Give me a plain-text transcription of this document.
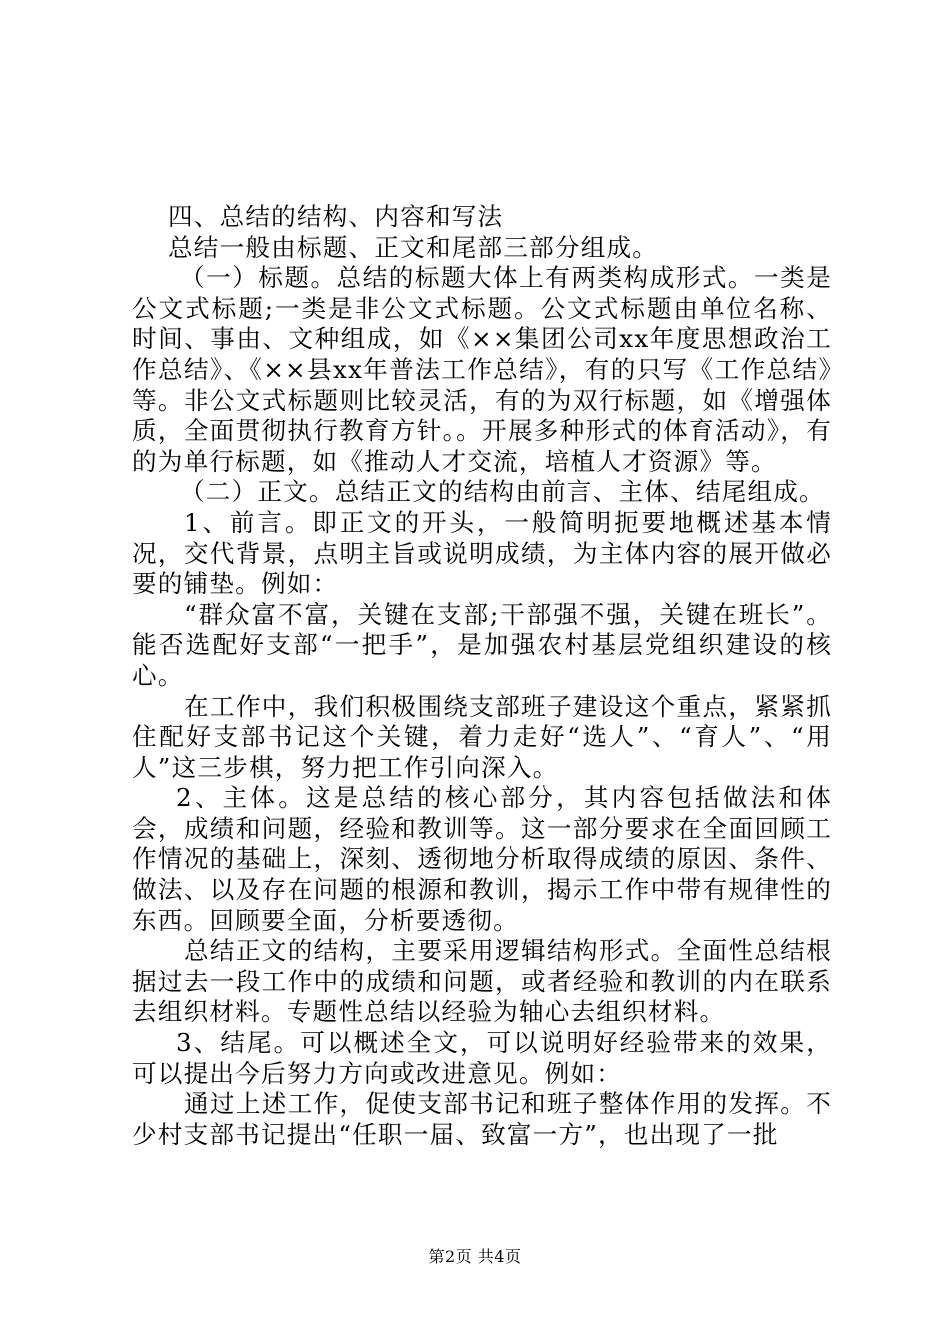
四、总结的结构、内容和写法

总结一般由标题、正文和尾部三部分组成。

（一）标题。总结的标题大体上有两类构成形式。一类是公文式标题;一类是非公文式标题。公文式标题由单位名称、时间、事由、文种组成，如《××集团公司xx年度思想政治工作总结》、《××县xx年普法工作总结》，有的只写《工作总结》等。非公文式标题则比较灵活，有的为双行标题，如《增强体质，全面贯彻执行教育方针。。开展多种形式的体育活动》，有的为单行标题，如《推动人才交流，培植人才资源》等。

（二）正文。总结正文的结构由前言、主体、结尾组成。

1、前言。即正文的开头，一般简明扼要地概述基本情况，交代背景，点明主旨或说明成绩，为主体内容的展开做必要的铺垫。例如：

“群众富不富，关键在支部;干部强不强，关键在班长”。能否选配好支部“一把手”，是加强农村基层党组织建设的核心。

在工作中，我们积极围绕支部班子建设这个重点，紧紧抓住配好支部书记这个关键，着力走好“选人”、“育人”、“用人”这三步棋，努力把工作引向深入。

2、主体。这是总结的核心部分，其内容包括做法和体会，成绩和问题，经验和教训等。这一部分要求在全面回顾工作情况的基础上，深刻、透彻地分析取得成绩的原因、条件、做法、以及存在问题的根源和教训，揭示工作中带有规律性的东西。回顾要全面，分析要透彻。

总结正文的结构，主要采用逻辑结构形式。全面性总结根据过去一段工作中的成绩和问题，或者经验和教训的内在联系去组织材料。专题性总结以经验为轴心去组织材料。

3、结尾。可以概述全文，可以说明好经验带来的效果，可以提出今后努力方向或改进意见。例如：

通过上述工作，促使支部书记和班子整体作用的发挥。不少村支部书记提出“任职一届、致富一方”，也出现了一批

第2页 共4页
